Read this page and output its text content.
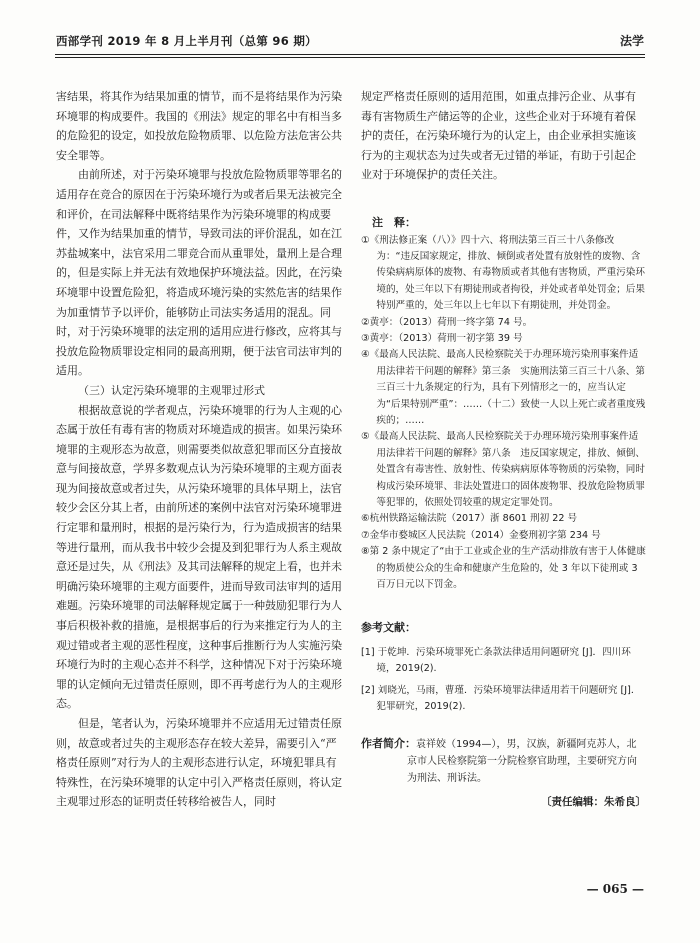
西部学刊 2019 年 8 月上半月刊（总第 96 期）	法学

害结果，将其作为结果加重的情节，而不是将结果作为污染环境罪的构成要件。我国的《刑法》规定的罪名中有相当多的危险犯的设定，如投放危险物质罪、以危险方法危害公共安全罪等。

由前所述，对于污染环境罪与投放危险物质罪等罪名的适用存在竞合的原因在于污染环境行为或者后果无法被完全和评价，在司法解释中既将结果作为污染环境罪的构成要件，又作为结果加重的情节，导致司法的评价混乱，如在江苏盐城案中，法官采用二罪竞合而从重罪处，量刑上是合理的，但是实际上并无法有效地保护环境法益。因此，在污染环境罪中设置危险犯，将造成环境污染的实然危害的结果作为加重情节予以评价，能够防止司法实务适用的混乱。同时，对于污染环境罪的法定刑的适用应进行修改，应将其与投放危险物质罪设定相同的最高刑期，便于法官司法审判的适用。

（三）认定污染环境罪的主观罪过形式

根据故意说的学者观点，污染环境罪的行为人主观的心态属于放任有毒有害的物质对环境造成的损害。如果污染环境罪的主观形态为故意，则需要类似故意犯罪而区分直接故意与间接故意，学界多数观点认为污染环境罪的主观方面表现为间接故意或者过失，从污染环境罪的具体早期上，法官较少会区分其上者，由前所述的案例中法官对污染环境罪进行定罪和量刑时，根据的是污染行为，行为造成损害的结果等进行量刑，而从我书中较少会提及到犯罪行为人系主观故意还是过失，从《刑法》及其司法解释的规定上看，也并未明确污染环境罪的主观方面要件，进而导致司法审判的适用难题。污染环境罪的司法解释规定属于一种鼓励犯罪行为人事后积极补救的措施，是根据事后的行为来推定行为人的主观过错或者主观的恶性程度，这种事后推断行为人实施污染环境行为时的主观心态并不科学，这种情况下对于污染环境罪的认定倾向无过错责任原则，即不再考虑行为人的主观形态。

但是，笔者认为，污染环境罪并不应适用无过错责任原则，故意或者过失的主观形态存在较大差异，需要引入“严格责任原则”对行为人的主观形态进行认定，环境犯罪具有特殊性，在污染环境罪的认定中引入严格责任原则，将认定主观罪过形态的证明责任转移给被告人，同时

规定严格责任原则的适用范围，如重点排污企业、从事有毒有害物质生产储运等的企业，这些企业对于环境有着保护的责任，在污染环境行为的认定上，由企业承担实施该行为的主观状态为过失或者无过错的举证，有助于引起企业对于环境保护的责任关注。

注　释：

①《刑法修正案（八）》四十六、将刑法第三百三十八条修改为：“违反国家规定，排放、倾倒或者处置有放射性的废物、含传染病病原体的废物、有毒物质或者其他有害物质，严重污染环境的，处三年以下有期徒刑或者拘役，并处或者单处罚金；后果特别严重的，处三年以上七年以下有期徒刑，并处罚金。

②黄亭：（2013）荷刑一终字第 74 号。

③黄亭：（2013）荷刑一初字第 39 号

④《最高人民法院、最高人民检察院关于办理环境污染刑事案件适用法律若干问题的解释》第三条　实施刑法第三百三十八条、第三百三十九条规定的行为，具有下列情形之一的，应当认定为“后果特别严重”：……（十二）致使一人以上死亡或者重度残疾的；……

⑤《最高人民法院、最高人民检察院关于办理环境污染刑事案件适用法律若干问题的解释》第八条　违反国家规定，排放、倾倒、处置含有毒害性、放射性、传染病病原体等物质的污染物，同时构成污染环境罪、非法处置进口的固体废物罪、投放危险物质罪等犯罪的，依照处罚较重的规定定罪处罚。

⑥杭州铁路运输法院（2017）浙 8601 刑初 22 号

⑦金华市婺城区人民法院（2014）金婺刑初字第 234 号

⑧第 2 条中规定了“由于工业或企业的生产活动排放有害于人体健康的物质使公众的生命和健康产生危险的，处 3 年以下徒刑或 3 百万日元以下罚金。

参考文献：

[1] 于乾坤．污染环境罪死亡条款法律适用问题研究 [J]．四川环境，2019(2).

[2] 刘晓光，马雨，曹瑾．污染环境罪法律适用若干问题研究 [J]．犯罪研究，2019(2).

作者简介：袁祥姣（1994—），男，汉族，新疆阿克苏人，北京市人民检察院第一分院检察官助理，主要研究方向为刑法、刑诉法。

〔责任编辑：朱希良〕

— 065 —
